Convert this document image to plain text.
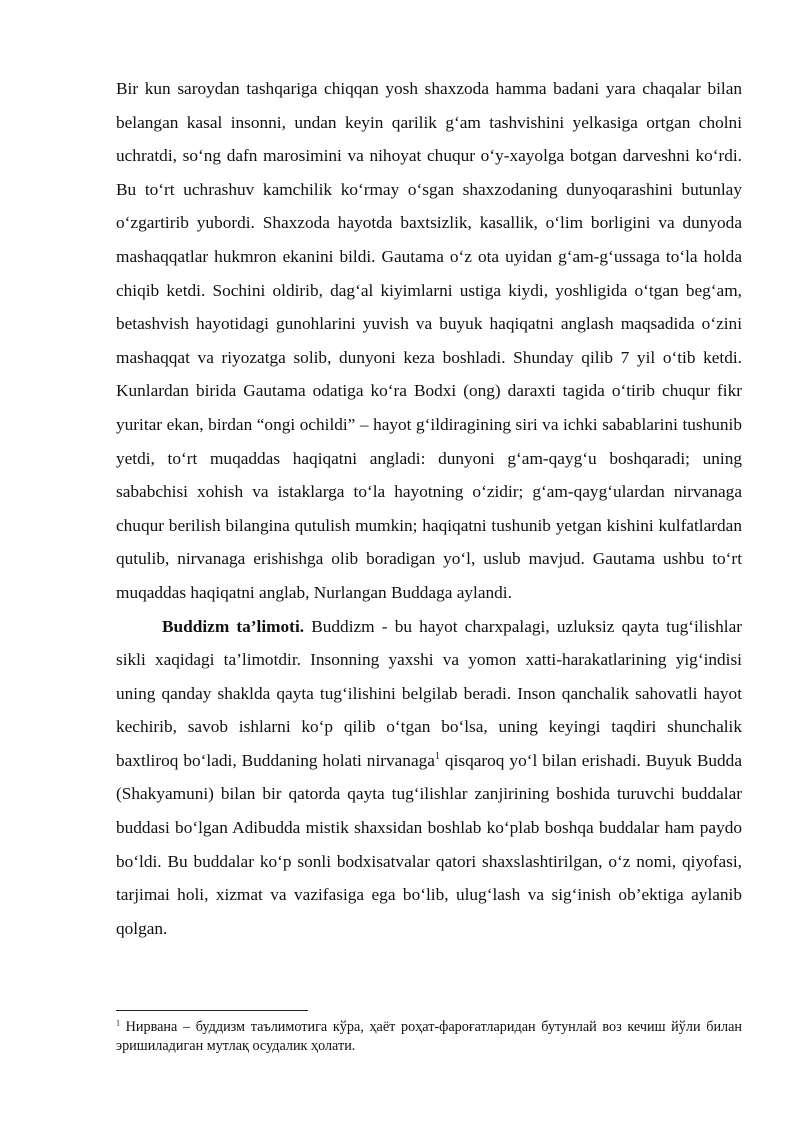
Bir kun saroydan tashqariga chiqqan yosh shaxzoda hamma badani yara chaqalar bilan belangan kasal insonni, undan keyin qarilik g‘am tashvishini yelkasiga ortgan cholni uchratdi, so‘ng dafn marosimini va nihoyat chuqur o‘y-xayolga botgan darveshni ko‘rdi. Bu to‘rt uchrashuv kamchilik ko‘rmay o‘sgan shaxzodaning dunyoqarashini butunlay o‘zgartirib yubordi. Shaxzoda hayotda baxtsizlik, kasallik, o‘lim borligini va dunyoda mashaqqatlar hukmron ekanini bildi. Gautama o‘z ota uyidan g‘am-g‘ussaga to‘la holda chiqib ketdi. Sochini oldirib, dag‘al kiyimlarni ustiga kiydi, yoshligida o‘tgan beg‘am, betashvish hayotidagi gunohlarini yuvish va buyuk haqiqatni anglash maqsadida o‘zini mashaqqat va riyozatga solib, dunyoni keza boshladi. Shunday qilib 7 yil o‘tib ketdi. Kunlardan birida Gautama odatiga ko‘ra Bodxi (ong) daraxti tagida o‘tirib chuqur fikr yuritar ekan, birdan “ongi ochildi” – hayot g‘ildiragining siri va ichki sabablarini tushunib yetdi, to‘rt muqaddas haqiqatni angladi: dunyoni g‘am-qayg‘u boshqaradi; uning sababchisi xohish va istaklarga to‘la hayotning o‘zidir; g‘am-qayg‘ulardan nirvanaga chuqur berilish bilangina qutulish mumkin; haqiqatni tushunib yetgan kishini kulfatlardan qutulib, nirvanaga erishishga olib boradigan yo‘l, uslub mavjud. Gautama ushbu to‘rt muqaddas haqiqatni anglab, Nurlangan Buddaga aylandi.

Buddizm ta’limoti. Buddizm - bu hayot charxpalagi, uzluksiz qayta tug‘ilishlar sikli xaqidagi ta’limotdir. Insonning yaxshi va yomon xatti-harakatlarining yig‘indisi uning qanday shaklda qayta tug‘ilishini belgilab beradi. Inson qanchalik sahovatli hayot kechirib, savob ishlarni ko‘p qilib o‘tgan bo‘lsa, uning keyingi taqdiri shunchalik baxtliroq bo‘ladi, Buddaning holati nirvanaga$^1$ qisqaroq yo‘l bilan erishadi. Buyuk Budda (Shakyamuni) bilan bir qatorda qayta tug‘ilishlar zanjirining boshida turuvchi buddalar buddasi bo‘lgan Adibudda mistik shaxsidan boshlab ko‘plab boshqa buddalar ham paydo bo‘ldi. Bu buddalar ko‘p sonli bodxisatvalar qatori shaxslashtirilgan, o‘z nomi, qiyofasi, tarjimai holi, xizmat va vazifasiga ega bo‘lib, ulug‘lash va sig‘inish ob’ektiga aylanib qolgan.

$^1$ Нирвана – буддизм таълимотига кўра, ҳаёт роҳат-фароғатларидан бутунлай воз кечиш йўли билан эришиладиган мутлақ осудалик ҳолати.
